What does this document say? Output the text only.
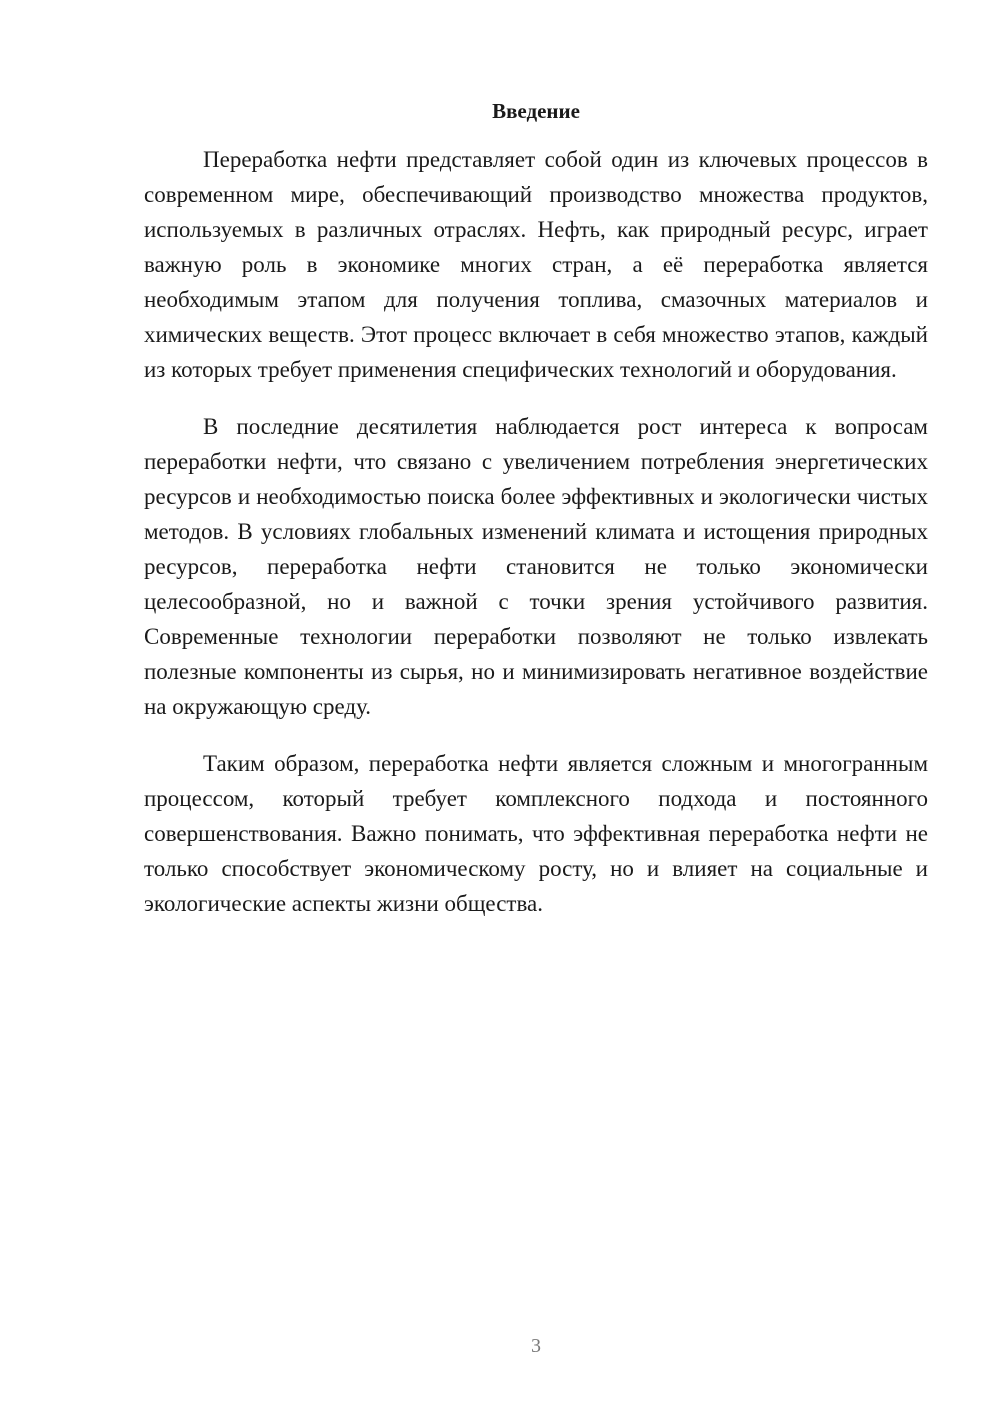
Введение

Переработка нефти представляет собой один из ключевых процессов в современном мире, обеспечивающий производство множества продуктов, используемых в различных отраслях. Нефть, как природный ресурс, играет важную роль в экономике многих стран, а её переработка является необходимым этапом для получения топлива, смазочных материалов и химических веществ. Этот процесс включает в себя множество этапов, каждый из которых требует применения специфических технологий и оборудования.

В последние десятилетия наблюдается рост интереса к вопросам переработки нефти, что связано с увеличением потребления энергетических ресурсов и необходимостью поиска более эффективных и экологически чистых методов. В условиях глобальных изменений климата и истощения природных ресурсов, переработка нефти становится не только экономически целесообразной, но и важной с точки зрения устойчивого развития. Современные технологии переработки позволяют не только извлекать полезные компоненты из сырья, но и минимизировать негативное воздействие на окружающую среду.

Таким образом, переработка нефти является сложным и многогранным процессом, который требует комплексного подхода и постоянного совершенствования. Важно понимать, что эффективная переработка нефти не только способствует экономическому росту, но и влияет на социальные и экологические аспекты жизни общества.

3
